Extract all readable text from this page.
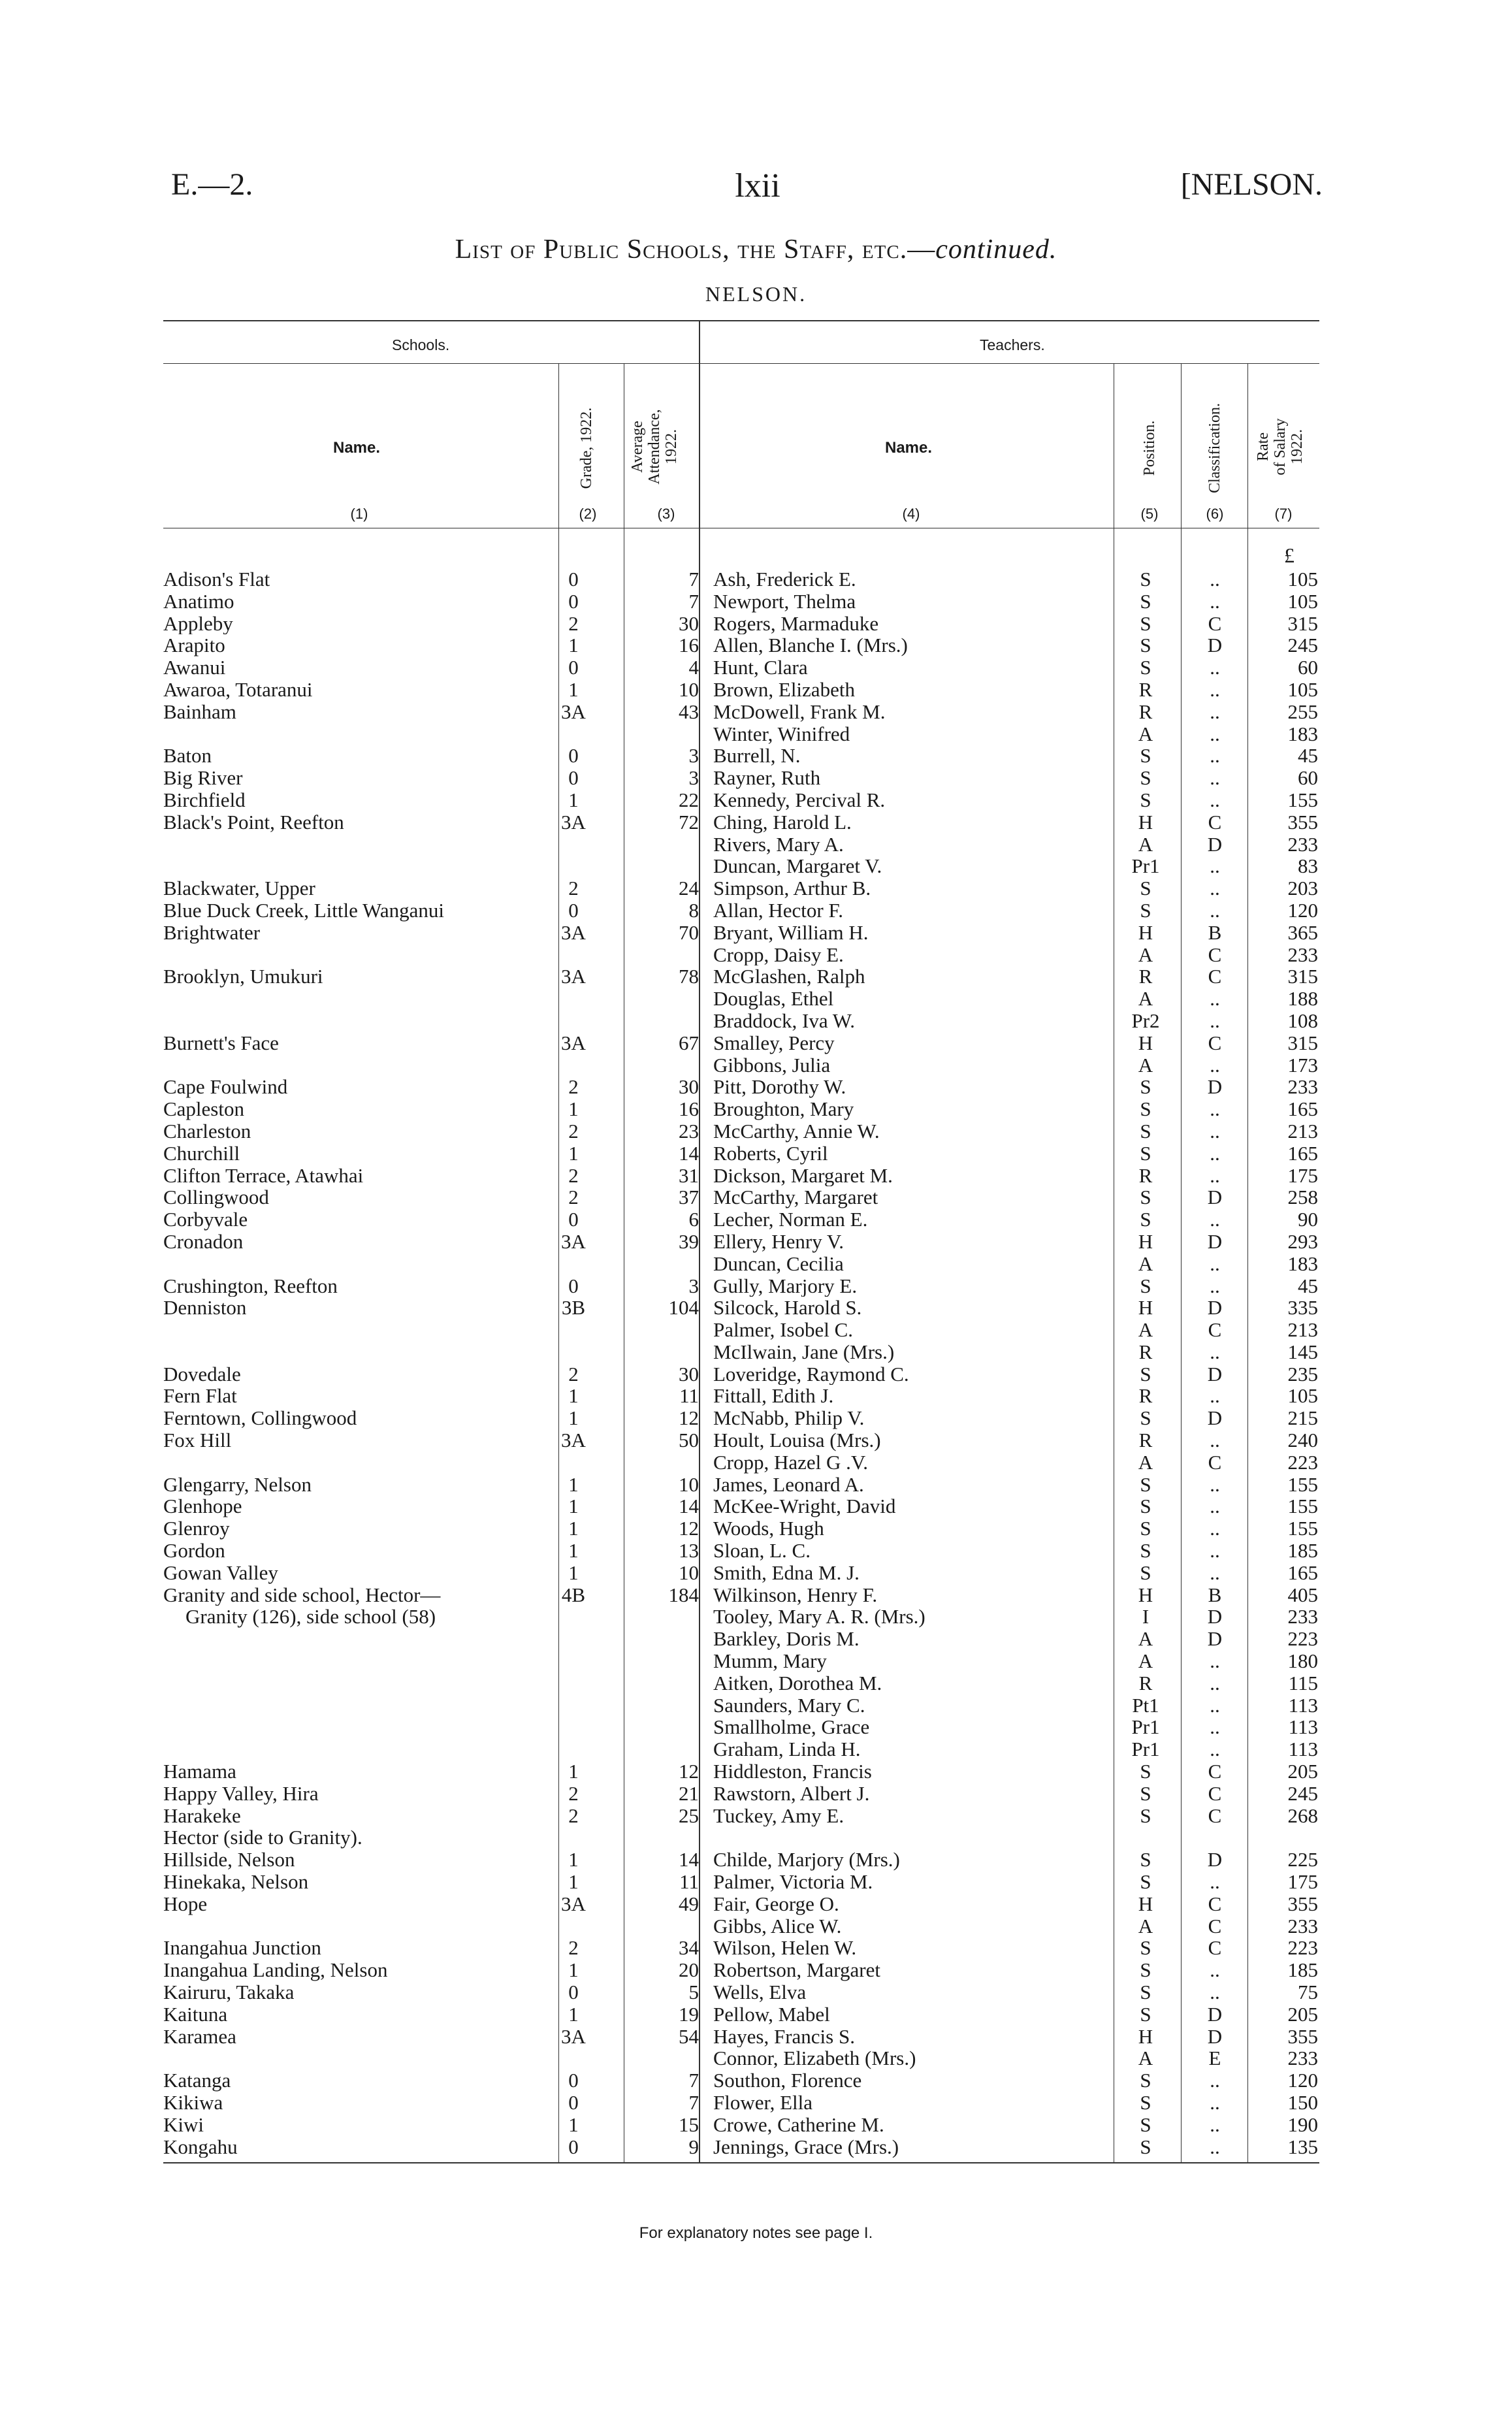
E.—2.	lxii	[NELSON.
List of Public Schools, the Staff, etc.—continued.
NELSON.
Schools.	Teachers.
Name.	Name.
Grade, 1922. Average
Attendance,
1922.	Position.	Classification. Rate
of Salary
1922.
(1)	(2)	(3)	(4)	(5)	(6)	(7)
£
Adison's Flat	0	7 Ash, Frederick E.	S	..	105
Anatimo	0	7 Newport, Thelma	S	..	105
Appleby	2	30 Rogers, Marmaduke	S	C	315
Arapito	1	16 Allen, Blanche I. (Mrs.)	S	D	245
Awanui	0	4 Hunt, Clara	S	..	60
Awaroa, Totaranui	1	10 Brown, Elizabeth	R	..	105
Bainham	3A	43 McDowell, Frank M.	R	..	255
Winter, Winifred	A	..	183
Baton	0	3 Burrell, N.	S	..	45
Big River	0	3 Rayner, Ruth	S	..	60
Birchfield	1	22 Kennedy, Percival R.	S	..	155
Black's Point, Reefton	3A	72 Ching, Harold L.	H	C	355
Rivers, Mary A.	A	D	233
Duncan, Margaret V.	Pr1	..	83
Blackwater, Upper	2	24 Simpson, Arthur B.	S	..	203
Blue Duck Creek, Little Wanganui	0	8 Allan, Hector F.	S	..	120
Brightwater	3A	70 Bryant, William H.	H	B	365
Cropp, Daisy E.	A	C	233
Brooklyn, Umukuri	3A	78 McGlashen, Ralph	R	C	315
Douglas, Ethel	A	..	188
Braddock, Iva W.	Pr2	..	108
Burnett's Face	3A	67 Smalley, Percy	H	C	315
Gibbons, Julia	A	..	173
Cape Foulwind	2	30 Pitt, Dorothy W.	S	D	233
Capleston	1	16 Broughton, Mary	S	..	165
Charleston	2	23 McCarthy, Annie W.	S	..	213
Churchill	1	14 Roberts, Cyril	S	..	165
Clifton Terrace, Atawhai	2	31 Dickson, Margaret M.	R	..	175
Collingwood	2	37 McCarthy, Margaret	S	D	258
Corbyvale	0	6 Lecher, Norman E.	S	..	90
Cronadon	3A	39 Ellery, Henry V.	H	D	293
Duncan, Cecilia	A	..	183
Crushington, Reefton	0	3 Gully, Marjory E.	S	..	45
Denniston	3B	104 Silcock, Harold S.	H	D	335
Palmer, Isobel C.	A	C	213
McIlwain, Jane (Mrs.)	R	..	145
Dovedale	2	30 Loveridge, Raymond C.	S	D	235
Fern Flat	1	11 Fittall, Edith J.	R	..	105
Ferntown, Collingwood	1	12 McNabb, Philip V.	S	D	215
Fox Hill	3A	50 Hoult, Louisa (Mrs.)	R	..	240
Cropp, Hazel G .V.	A	C	223
Glengarry, Nelson	1	10 James, Leonard A.	S	..	155
Glenhope	1	14 McKee-Wright, David	S	..	155
Glenroy	1	12 Woods, Hugh	S	..	155
Gordon	1	13 Sloan, L. C.	S	..	185
Gowan Valley	1	10 Smith, Edna M. J.	S	..	165
Granity and side school, Hector—	4B	184 Wilkinson, Henry F.	H	B	405
Granity (126), side school (58)	Tooley, Mary A. R. (Mrs.)	I	D	233
Barkley, Doris M.	A	D	223
Mumm, Mary	A	..	180
Aitken, Dorothea M.	R	..	115
Saunders, Mary C.	Pt1	..	113
Smallholme, Grace	Pr1	..	113
Graham, Linda H.	Pr1	..	113
Hamama	1	12 Hiddleston, Francis	S	C	205
Happy Valley, Hira	2	21 Rawstorn, Albert J.	S	C	245
Harakeke	2	25 Tuckey, Amy E.	S	C	268
Hector (side to Granity).
Hillside, Nelson	1	14 Childe, Marjory (Mrs.)	S	D	225
Hinekaka, Nelson	1	11 Palmer, Victoria M.	S	..	175
Hope	3A	49 Fair, George O.	H	C	355
Gibbs, Alice W.	A	C	233
Inangahua Junction	2	34 Wilson, Helen W.	S	C	223
Inangahua Landing, Nelson	1	20 Robertson, Margaret	S	..	185
Kairuru, Takaka	0	5 Wells, Elva	S	..	75
Kaituna	1	19 Pellow, Mabel	S	D	205
Karamea	3A	54 Hayes, Francis S.	H	D	355
Connor, Elizabeth (Mrs.)	A	E	233
Katanga	0	7 Southon, Florence	S	..	120
Kikiwa	0	7 Flower, Ella	S	..	150
Kiwi	1	15 Crowe, Catherine M.	S	..	190
Kongahu	0	9 Jennings, Grace (Mrs.)	S	..	135
For explanatory notes see page I.
